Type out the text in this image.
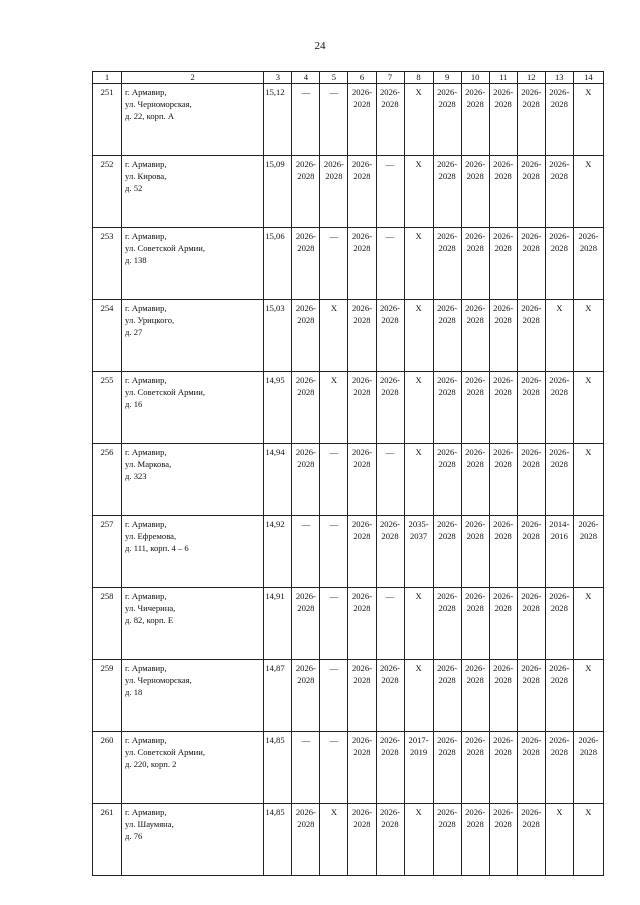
24
1	2	3	4	5	6	7	8	9	10	11	12	13	14
251	г. Армавир,
ул. Черноморская,
д. 22, корп. А	15,12	—	—	2026-
2028	2026-
2028	X	2026-
2028	2026-
2028	2026-
2028	2026-
2028	2026-
2028	X

252	г. Армавир,
ул. Кирова,
д. 52	15,09	2026-
2028	2026-
2028	2026-
2028	—	X	2026-
2028	2026-
2028	2026-
2028	2026-
2028	2026-
2028	X

253	г. Армавир,
ул. Советской Армии,
д. 138	15,06	2026-
2028	—	2026-
2028	—	X	2026-
2028	2026-
2028	2026-
2028	2026-
2028	2026-
2028	2026-
2028

254	г. Армавир,
ул. Урицкого,
д. 27	15,03	2026-
2028	X	2026-
2028	2026-
2028	X	2026-
2028	2026-
2028	2026-
2028	2026-
2028	X	X

255	г. Армавир,
ул. Советской Армии,
д. 16	14,95	2026-
2028	X	2026-
2028	2026-
2028	X	2026-
2028	2026-
2028	2026-
2028	2026-
2028	2026-
2028	X

256	г. Армавир,
ул. Маркова,
д. 323	14,94	2026-
2028	—	2026-
2028	—	X	2026-
2028	2026-
2028	2026-
2028	2026-
2028	2026-
2028	X

257	г. Армавир,
ул. Ефремова,
д. 111, корп. 4 – 6	14,92	—	—	2026-
2028	2026-
2028	2035-
2037	2026-
2028	2026-
2028	2026-
2028	2026-
2028	2014-
2016	2026-
2028

258	г. Армавир,
ул. Чичерина,
д. 82, корп. Е	14,91	2026-
2028	—	2026-
2028	—	X	2026-
2028	2026-
2028	2026-
2028	2026-
2028	2026-
2028	X

259	г. Армавир,
ул. Черноморская,
д. 18	14,87	2026-
2028	—	2026-
2028	2026-
2028	X	2026-
2028	2026-
2028	2026-
2028	2026-
2028	2026-
2028	X

260	г. Армавир,
ул. Советской Армии,
д. 220, корп. 2	14,85	—	—	2026-
2028	2026-
2028	2017-
2019	2026-
2028	2026-
2028	2026-
2028	2026-
2028	2026-
2028	2026-
2028

261	г. Армавир,
ул. Шаумяна,
д. 76	14,85	2026-
2028	X	2026-
2028	2026-
2028	X	2026-
2028	2026-
2028	2026-
2028	2026-
2028	X	X
